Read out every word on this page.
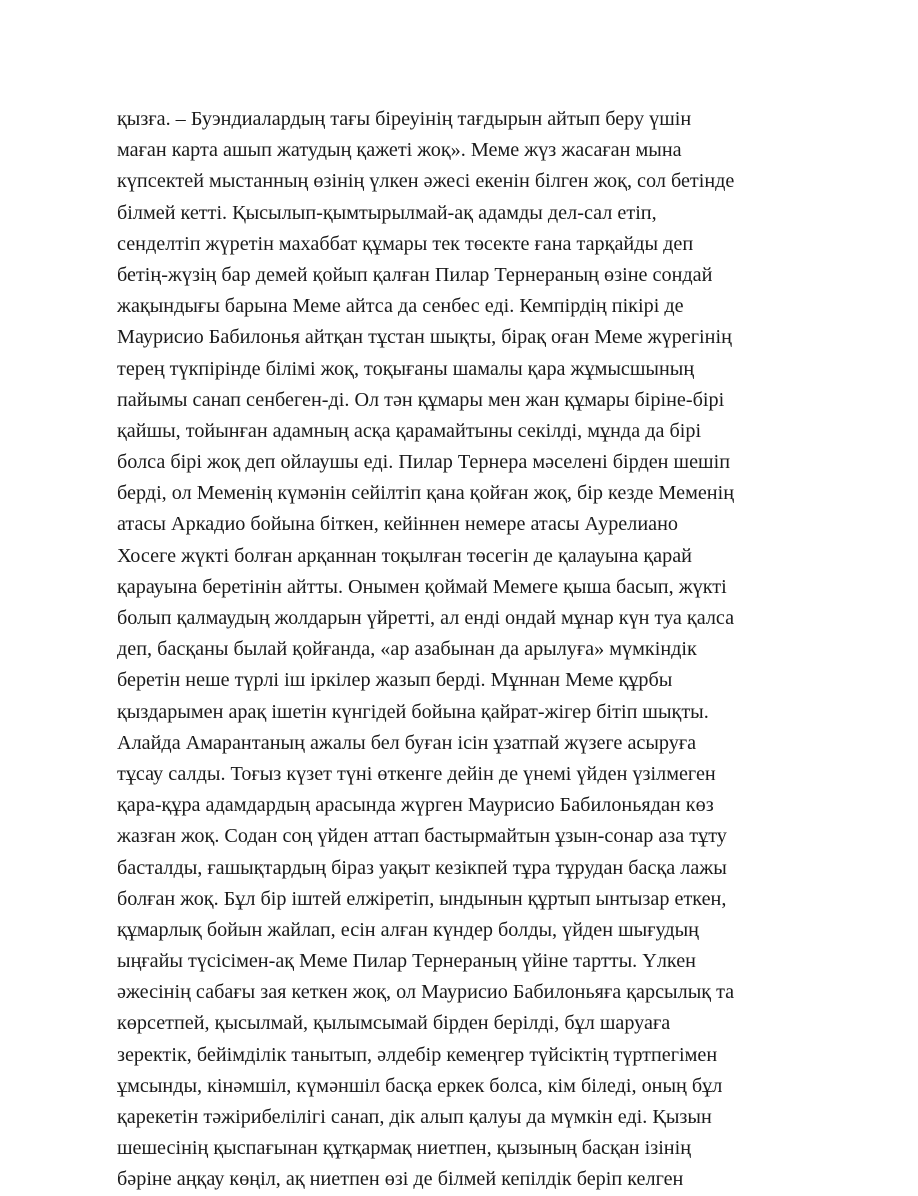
қызға. – Буэндиалардың тағы біреуінің тағдырын айтып беру үшін
маған карта ашып жатудың қажеті жоқ». Меме жүз жасаған мына
күпсектей мыстанның өзінің үлкен әжесі екенін білген жоқ, сол бетінде
білмей кетті. Қысылып-қымтырылмай-ақ адамды дел-сал етіп,
сенделтіп жүретін махаббат құмары тек төсекте ғана тарқайды деп
бетің-жүзің бар демей қойып қалған Пилар Тернераның өзіне сондай
жақындығы барына Меме айтса да сенбес еді. Кемпірдің пікірі де
Маурисио Бабилонья айтқан тұстан шықты, бірақ оған Меме жүрегінің
терең түкпірінде білімі жоқ, тоқығаны шамалы қара жұмысшының
пайымы санап сенбеген-ді. Ол тән құмары мен жан құмары біріне-бірі
қайшы, тойынған адамның асқа қарамайтыны секілді, мұнда да бірі
болса бірі жоқ деп ойлаушы еді. Пилар Тернера мәселені бірден шешіп
берді, ол Меменің күмәнін сейілтіп қана қойған жоқ, бір кезде Меменің
атасы Аркадио бойына біткен, кейіннен немере атасы Аурелиано
Хосеге жүкті болған арқаннан тоқылған төсегін де қалауына қарай
қарауына беретінін айтты. Онымен қоймай Мемеге қыша басып, жүкті
болып қалмаудың жолдарын үйретті, ал енді ондай мұнар күн туа қалса
деп, басқаны былай қойғанда, «ар азабынан да арылуға» мүмкіндік
беретін неше түрлі іш іркілер жазып берді. Мұннан Меме құрбы
қыздарымен арақ ішетін күнгідей бойына қайрат-жігер бітіп шықты.
Алайда Амарантаның ажалы бел буған ісін ұзатпай жүзеге асыруға
тұсау салды. Тоғыз күзет түні өткенге дейін де үнемі үйден үзілмеген
қара-құра адамдардың арасында жүрген Маурисио Бабилоньядан көз
жазған жоқ. Содан соң үйден аттап бастырмайтын ұзын-сонар аза тұту
басталды, ғашықтардың біраз уақыт кезікпей тұра тұрудан басқа лажы
болған жоқ. Бұл бір іштей елжіретіп, ындынын құртып ынтызар еткен,
құмарлық бойын жайлап, есін алған күндер болды, үйден шығудың
ыңғайы түсісімен-ақ Меме Пилар Тернераның үйіне тартты. Үлкен
әжесінің сабағы зая кеткен жоқ, ол Маурисио Бабилоньяға қарсылық та
көрсетпей, қысылмай, қылымсымай бірден берілді, бұл шаруаға
зеректік, бейімділік танытып, әлдебір кемеңгер түйсіктің түртпегімен
ұмсынды, кінәмшіл, күмәншіл басқа еркек болса, кім біледі, оның бұл
қарекетін тәжірибелілігі санап, дік алып қалуы да мүмкін еді. Қызын
шешесінің қыспағынан құтқармақ ниетпен, қызының басқан ізінің
бәріне аңқау көңіл, ақ ниетпен өзі де білмей кепілдік беріп келген
